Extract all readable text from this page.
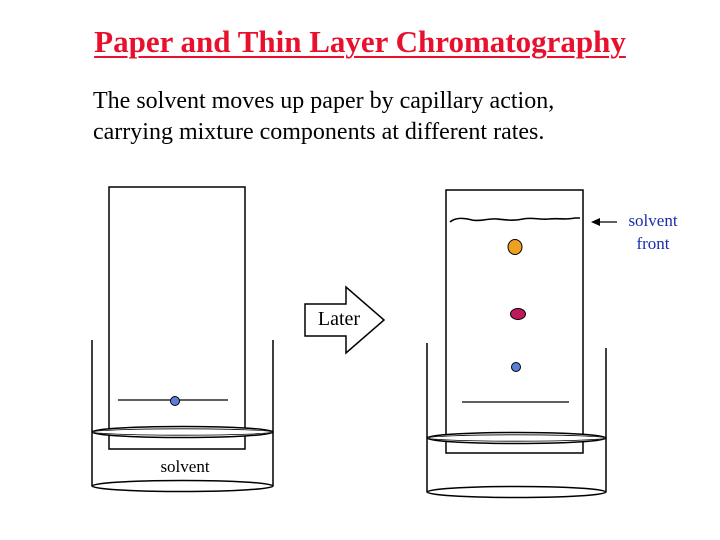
Paper and Thin Layer Chromatography
The solvent moves up paper by capillary action,
carrying mixture components at different rates.
solvent
front
Later
solvent
